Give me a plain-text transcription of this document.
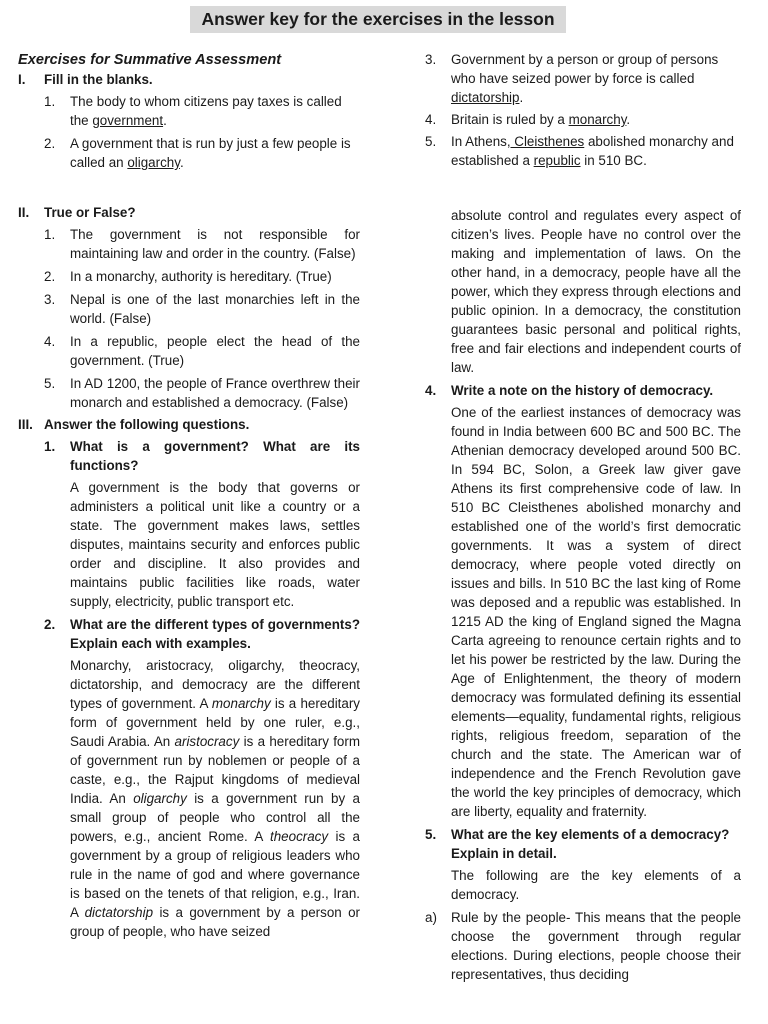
Answer key for the exercises in the lesson
Exercises for Summative Assessment
I.	Fill in the blanks.
1.	The body to whom citizens pay taxes is called the government.
2.	A government that is run by just a few people is called an oligarchy.
II.	True or False?
1.	The government is not responsible for maintaining law and order in the country. (False)
2.	In a monarchy, authority is hereditary. (True)
3.	Nepal is one of the last monarchies left in the world. (False)
4.	In a republic, people elect the head of the government. (True)
5.	In AD 1200, the people of France overthrew their monarch and established a democracy. (False)
III. Answer the following questions.
1.	What is a government? What are its functions?
A government is the body that governs or administers a political unit like a country or a state. The government makes laws, settles disputes, maintains security and enforces public order and discipline. It also provides and maintains public facilities like roads, water supply, electricity, public transport etc.
2.	What are the different types of governments? Explain each with examples.
Monarchy, aristocracy, oligarchy, theocracy, dictatorship, and democracy are the different types of government. A monarchy is a hereditary form of government held by one ruler, e.g., Saudi Arabia. An aristocracy is a hereditary form of government run by noblemen or people of a caste, e.g., the Rajput kingdoms of medieval India. An oligarchy is a government run by a small group of people who control all the powers, e.g., ancient Rome. A theocracy is a government by a group of religious leaders who rule in the name of god and where governance is based on the tenets of that religion, e.g., Iran. A dictatorship is a government by a person or group of people, who have seized
3.	Government by a person or group of persons who have seized power by force is called dictatorship.
4.	Britain is ruled by a monarchy.
5.	In Athens, Cleisthenes abolished monarchy and established a republic in 510 BC.
absolute control and regulates every aspect of citizen’s lives. People have no control over the making and implementation of laws. On the other hand, in a democracy, people have all the power, which they express through elections and public opinion. In a democracy, the constitution guarantees basic personal and political rights, free and fair elections and independent courts of law.
4.	Write a note on the history of democracy.
One of the earliest instances of democracy was found in India between 600 BC and 500 BC. The Athenian democracy developed around 500 BC. In 594 BC, Solon, a Greek law giver gave Athens its first comprehensive code of law. In 510 BC Cleisthenes abolished monarchy and established one of the world’s first democratic governments. It was a system of direct democracy, where people voted directly on issues and bills. In 510 BC the last king of Rome was deposed and a republic was established. In 1215 AD the king of England signed the Magna Carta agreeing to renounce certain rights and to let his power be restricted by the law. During the Age of Enlightenment, the theory of modern democracy was formulated defining its essential elements—equality, fundamental rights, religious rights, religious freedom, separation of the church and the state. The American war of independence and the French Revolution gave the world the key principles of democracy, which are liberty, equality and fraternity.
5.	What are the key elements of a democracy? Explain in detail.
The following are the key elements of a democracy.
a)	Rule by the people- This means that the people choose the government through regular elections. During elections, people choose their representatives, thus deciding
